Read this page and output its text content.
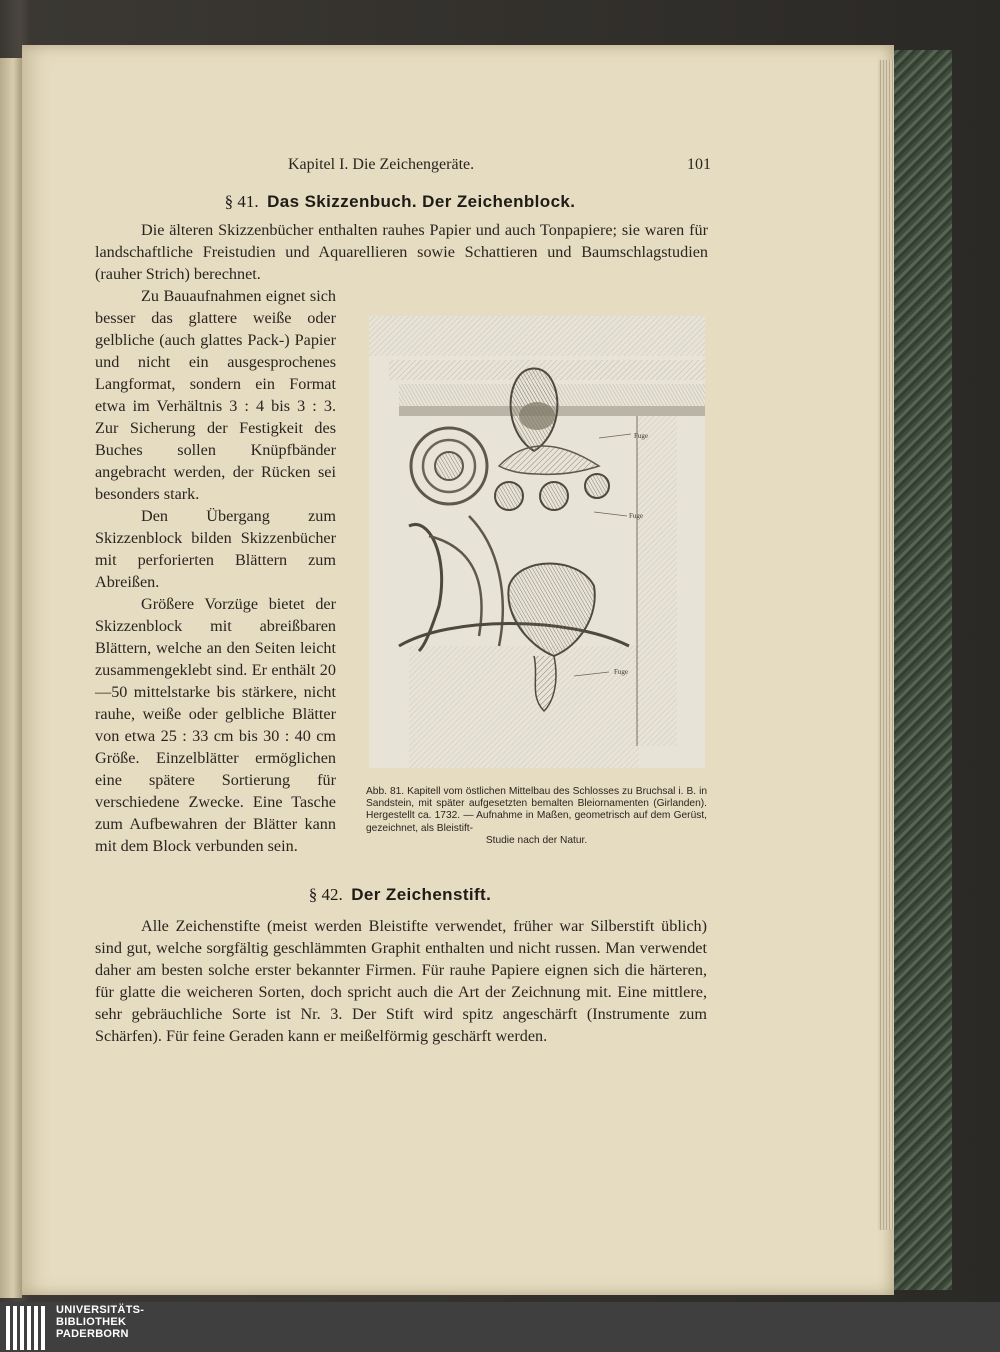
Kapitel I. Die Zeichengeräte.	101
§ 41. Das Skizzenbuch. Der Zeichenblock.

Die älteren Skizzenbücher enthalten rauhes Papier und auch Tonpapiere; sie waren für landschaftliche Freistudien und Aquarellieren sowie Schattieren und Baumschlagstudien (rauher Strich) berechnet.

Zu Bauaufnahmen eignet sich besser das glattere weiße oder gelbliche (auch glattes Pack-) Papier und nicht ein ausgesprochenes Langformat, sondern ein Format etwa im Verhältnis 3 : 4 bis 3 : 3. Zur Sicherung der Festigkeit des Buches sollen Knüpfbänder angebracht werden, der Rücken sei besonders stark.

Den Übergang zum Skizzenblock bilden Skizzenbücher mit perforierten Blättern zum Abreißen.

Größere Vorzüge bietet der Skizzenblock mit abreißbaren Blättern, welche an den Seiten leicht zusammengeklebt sind. Er enthält 20—50 mittelstarke bis stärkere, nicht rauhe, weiße oder gelbliche Blätter von etwa 25 : 33 cm bis 30 : 40 cm Größe. Einzelblätter ermöglichen eine spätere Sortierung für verschiedene Zwecke. Eine Tasche zum Aufbewahren der Blätter kann mit dem Block verbunden sein.

Fuge
Fuge
Fuge

Abb. 81. Kapitell vom östlichen Mittelbau des Schlosses zu Bruchsal i. B. in Sandstein, mit später aufgesetzten bemalten Bleiornamenten (Girlanden). Hergestellt ca. 1732. — Aufnahme in Maßen, geometrisch auf dem Gerüst, gezeichnet, als Bleistift-
Studie nach der Natur.

§ 42. Der Zeichenstift.

Alle Zeichenstifte (meist werden Bleistifte verwendet, früher war Silberstift üblich) sind gut, welche sorgfältig geschlämmten Graphit enthalten und nicht russen. Man verwendet daher am besten solche erster bekannter Firmen. Für rauhe Papiere eignen sich die härteren, für glatte die weicheren Sorten, doch spricht auch die Art der Zeichnung mit. Eine mittlere, sehr gebräuchliche Sorte ist Nr. 3. Der Stift wird spitz angeschärft (Instrumente zum Schärfen). Für feine Geraden kann er meißelförmig geschärft werden.

UNIVERSITÄTS-
BIBLIOTHEK
PADERBORN
